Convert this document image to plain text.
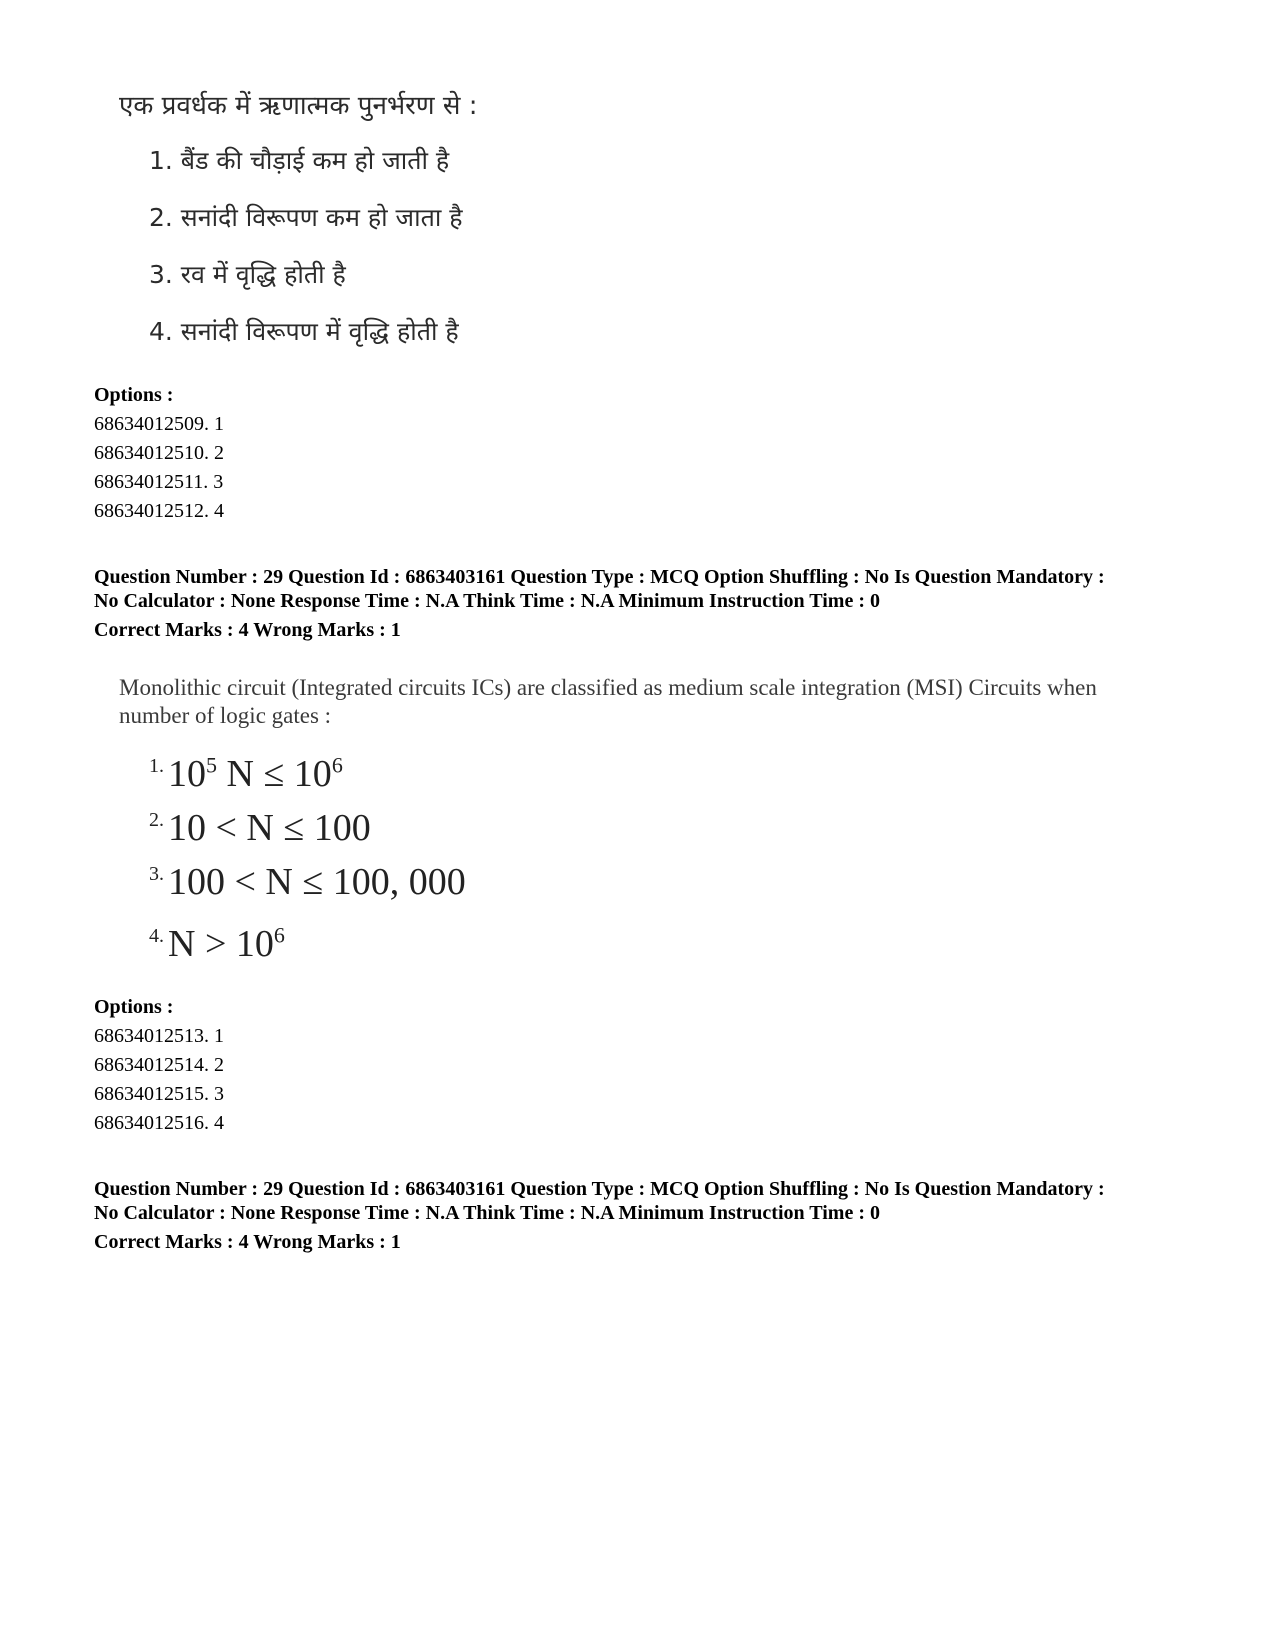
एक प्रवर्धक में ऋणात्मक पुनर्भरण से :
1. बैंड की चौड़ाई कम हो जाती है
2. सनांदी विरूपण कम हो जाता है
3. रव में वृद्धि होती है
4. सनांदी विरूपण में वृद्धि होती है
Options :
68634012509. 1
68634012510. 2
68634012511. 3
68634012512. 4
Question Number : 29 Question Id : 6863403161 Question Type : MCQ Option Shuffling : No Is Question Mandatory :
No Calculator : None Response Time : N.A Think Time : N.A Minimum Instruction Time : 0
Correct Marks : 4 Wrong Marks : 1
Monolithic circuit (Integrated circuits ICs) are classified as medium scale integration (MSI) Circuits when number of logic gates :
$^{1.}$ $10^5$ $N \le 10^6$
$^{2.}$ 10 < N ≤ 100
$^{3.}$ 100 < N ≤ 100, 000
$^{4.}$ $N > 10^6$
Options :
68634012513. 1
68634012514. 2
68634012515. 3
68634012516. 4
Question Number : 29 Question Id : 6863403161 Question Type : MCQ Option Shuffling : No Is Question Mandatory :
No Calculator : None Response Time : N.A Think Time : N.A Minimum Instruction Time : 0
Correct Marks : 4 Wrong Marks : 1
